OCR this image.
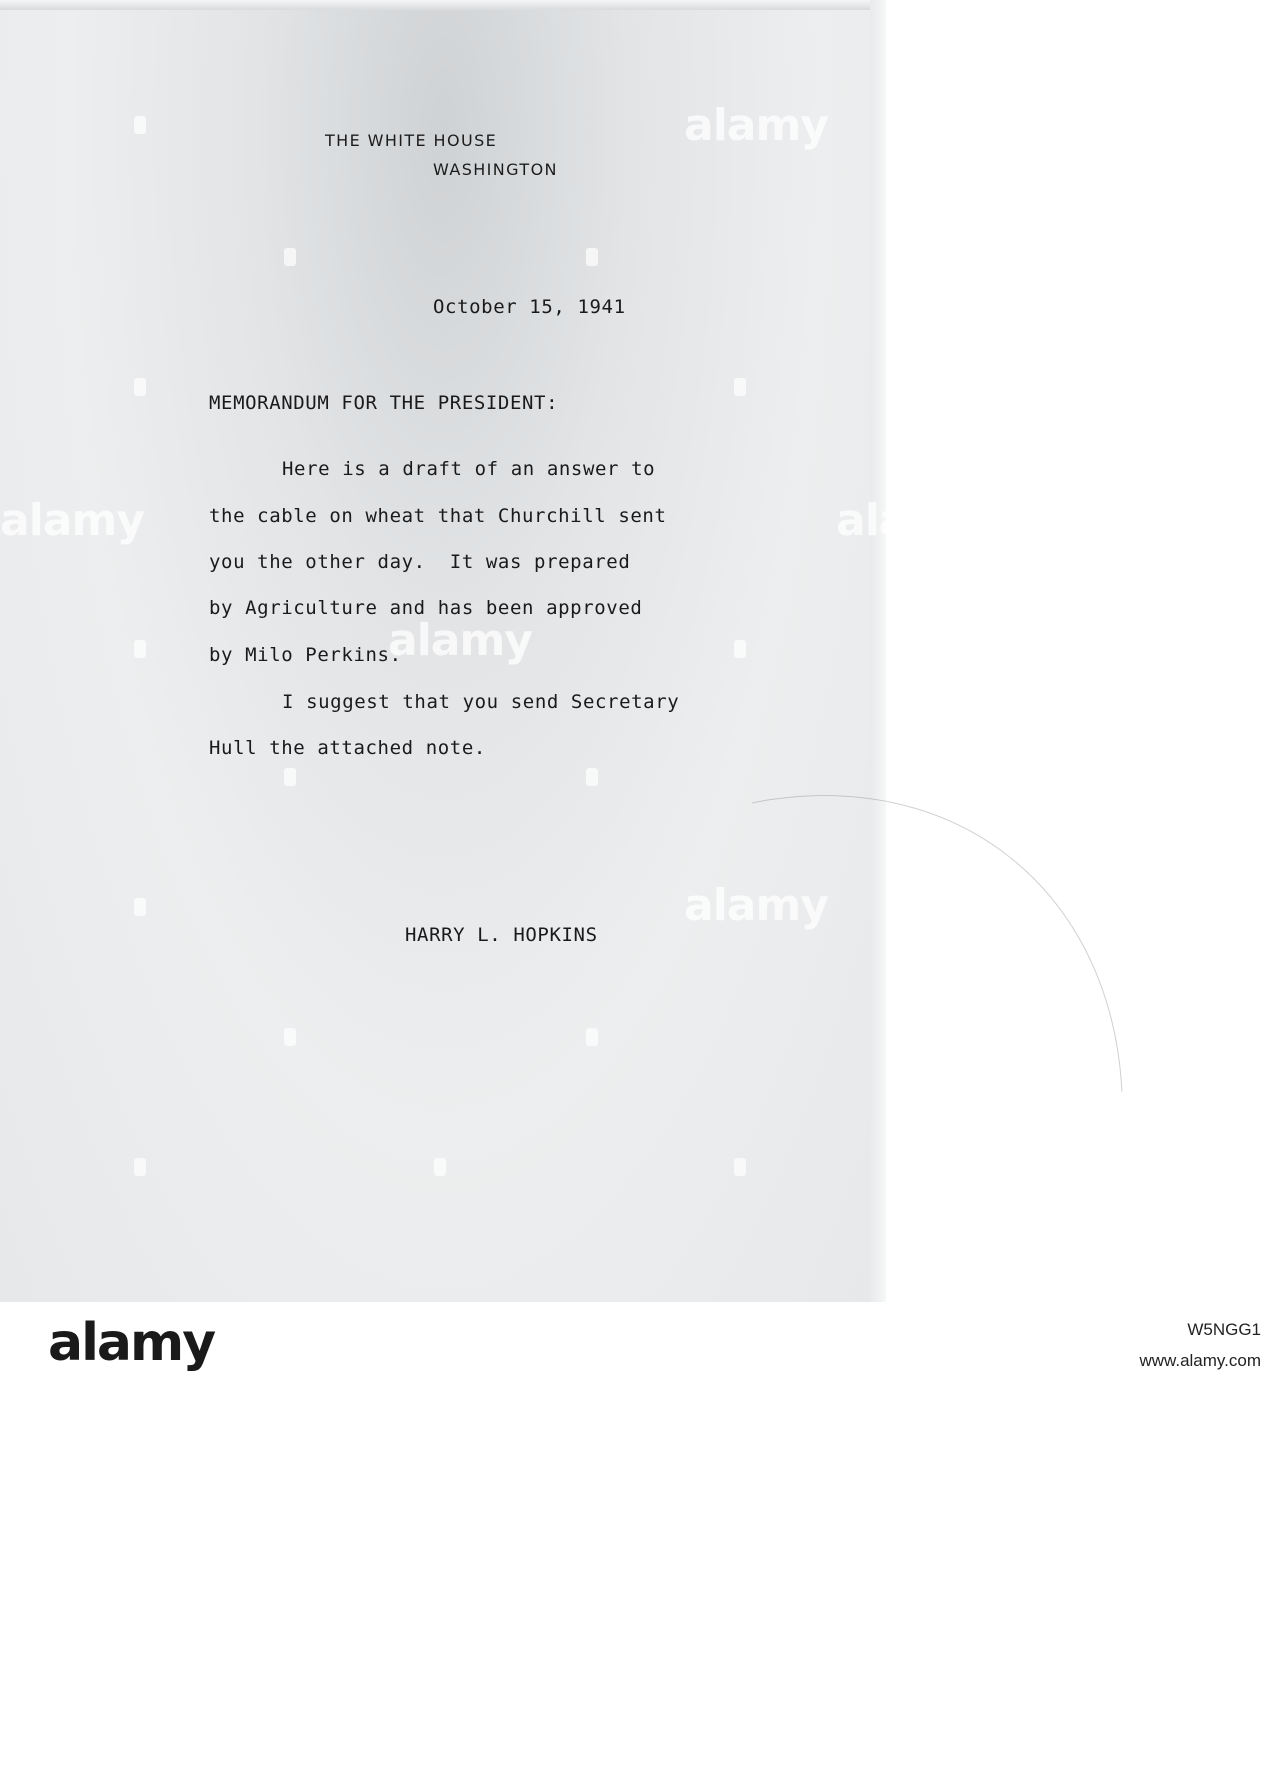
THE WHITE HOUSE
WASHINGTON
October 15, 1941
MEMORANDUM FOR THE PRESIDENT:
Here is a draft of an answer to
the cable on wheat that Churchill sent
you the other day.  It was prepared
by Agriculture and has been approved
by Milo Perkins.
I suggest that you send Secretary
Hull the attached note.
HARRY L. HOPKINS
alamy
alamy
alamy
alamy	alamy
alamy	W5NGG1
www.alamy.com
